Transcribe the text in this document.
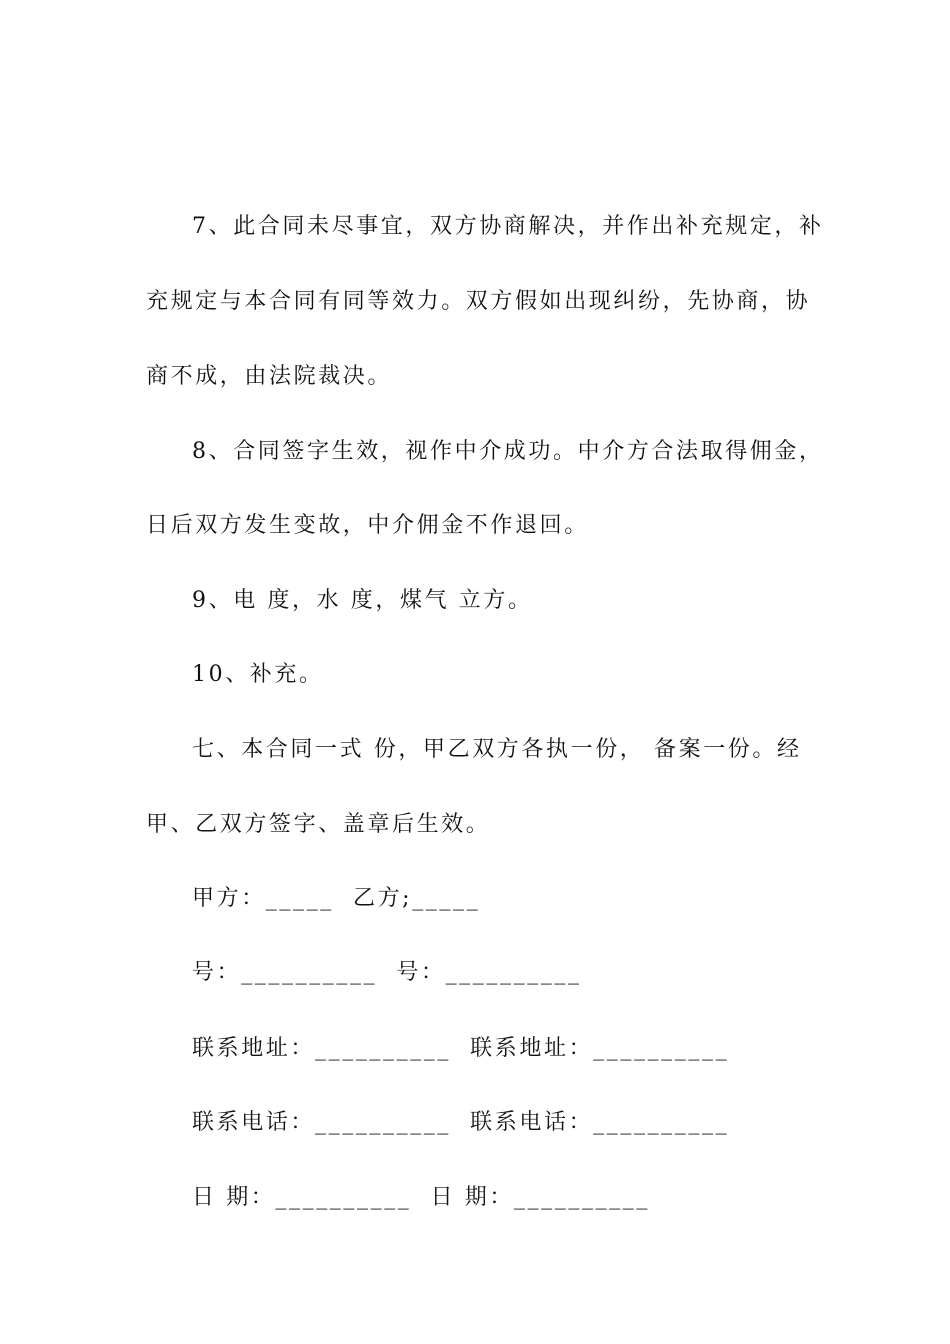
7、此合同未尽事宜，双方协商解决，并作出补充规定，补
充规定与本合同有同等效力。双方假如出现纠纷，先协商，协
商不成，由法院裁决。
8、合同签字生效，视作中介成功。中介方合法取得佣金，
日后双方发生变故，中介佣金不作退回。
9、电 度，水 度，煤气 立方。
10、补充。
七、本合同一式 份，甲乙双方各执一份， 备案一份。经
甲、乙双方签字、盖章后生效。
甲方：_____  乙方;_____
号：__________  号：__________
联系地址：__________  联系地址：__________
联系电话：__________  联系电话：__________
日 期：__________  日 期：__________
